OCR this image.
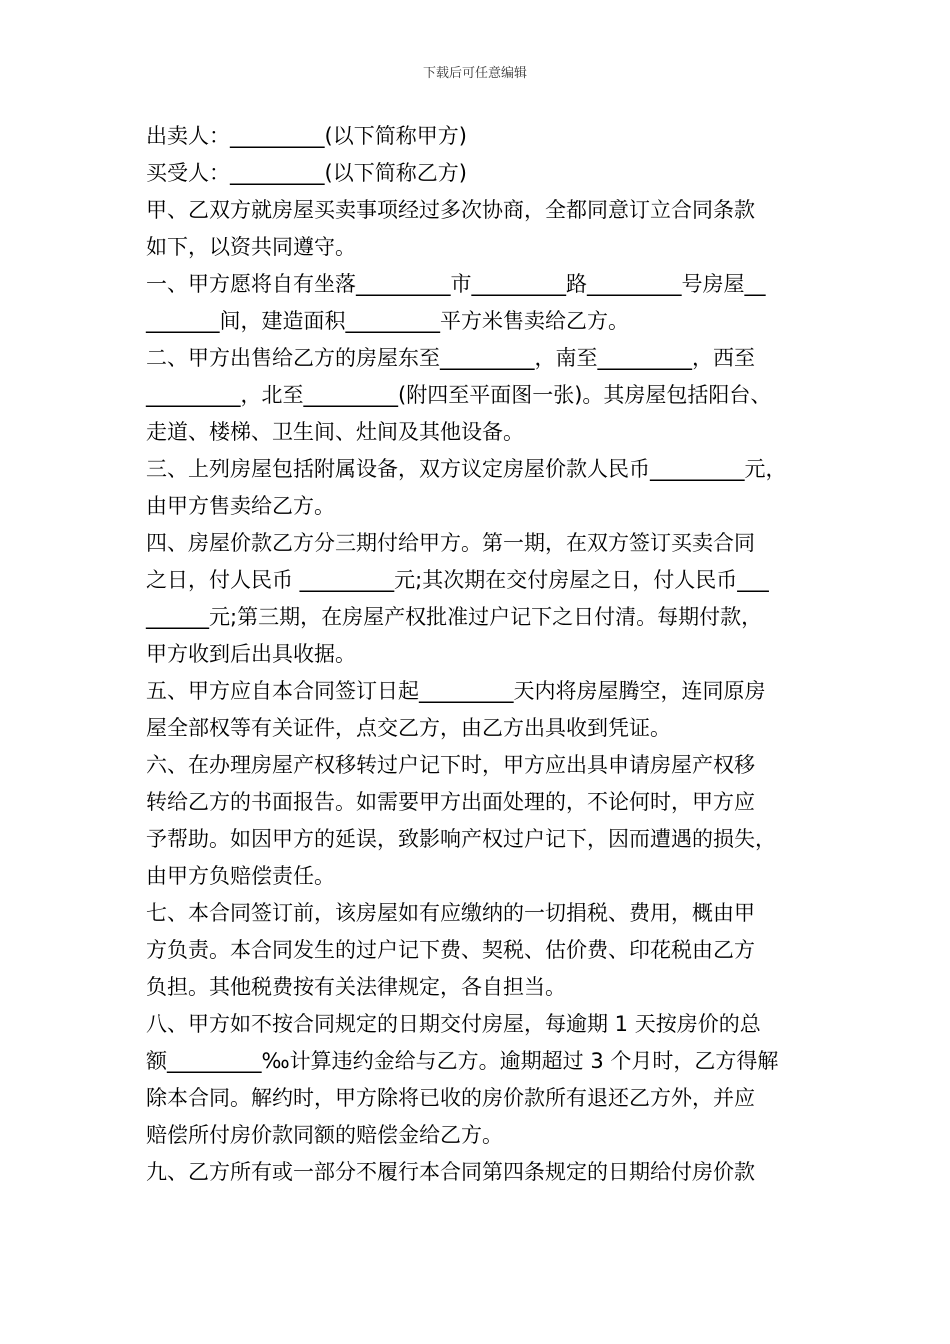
下载后可任意编辑
出卖人：_________(以下简称甲方)
买受人：_________(以下简称乙方)
甲、乙双方就房屋买卖事项经过多次协商，全都同意订立合同条款
如下，以资共同遵守。
一、甲方愿将自有坐落_________市_________路_________号房屋__
_______间，建造面积_________平方米售卖给乙方。
二、甲方出售给乙方的房屋东至_________，南至_________，西至
_________，北至_________(附四至平面图一张)。其房屋包括阳台、
走道、楼梯、卫生间、灶间及其他设备。
三、上列房屋包括附属设备，双方议定房屋价款人民币_________元，
由甲方售卖给乙方。
四、房屋价款乙方分三期付给甲方。第一期，在双方签订买卖合同
之日，付人民币 _________元;其次期在交付房屋之日，付人民币___
______元;第三期，在房屋产权批准过户记下之日付清。每期付款，
甲方收到后出具收据。
五、甲方应自本合同签订日起_________天内将房屋腾空，连同原房
屋全部权等有关证件，点交乙方，由乙方出具收到凭证。
六、在办理房屋产权移转过户记下时，甲方应出具申请房屋产权移
转给乙方的书面报告。如需要甲方出面处理的，不论何时，甲方应
予帮助。如因甲方的延误，致影响产权过户记下，因而遭遇的损失，
由甲方负赔偿责任。
七、本合同签订前，该房屋如有应缴纳的一切捐税、费用，概由甲
方负责。本合同发生的过户记下费、契税、估价费、印花税由乙方
负担。其他税费按有关法律规定，各自担当。
八、甲方如不按合同规定的日期交付房屋，每逾期 1 天按房价的总
额_________‰计算违约金给与乙方。逾期超过 3 个月时，乙方得解
除本合同。解约时，甲方除将已收的房价款所有退还乙方外，并应
赔偿所付房价款同额的赔偿金给乙方。
九、乙方所有或一部分不履行本合同第四条规定的日期给付房价款
